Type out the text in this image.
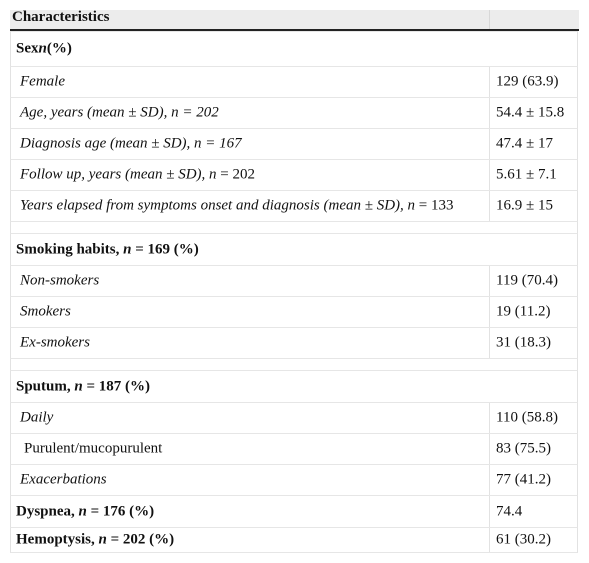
Characteristics
Sexn(%)
Female	129 (63.9)
Age, years (mean ± SD), n = 202	54.4 ± 15.8
Diagnosis age (mean ± SD), n = 167	47.4 ± 17
Follow up, years (mean ± SD), n = 202	5.61 ± 7.1
Years elapsed from symptoms onset and diagnosis (mean ± SD), n = 133	16.9 ± 15
Smoking habits, n = 169 (%)
Non-smokers	119 (70.4)
Smokers	19 (11.2)
Ex-smokers	31 (18.3)
Sputum, n = 187 (%)
Daily	110 (58.8)
Purulent/mucopurulent	83 (75.5)
Exacerbations	77 (41.2)
Dyspnea, n = 176 (%)	74.4
Hemoptysis, n = 202 (%)	61 (30.2)
